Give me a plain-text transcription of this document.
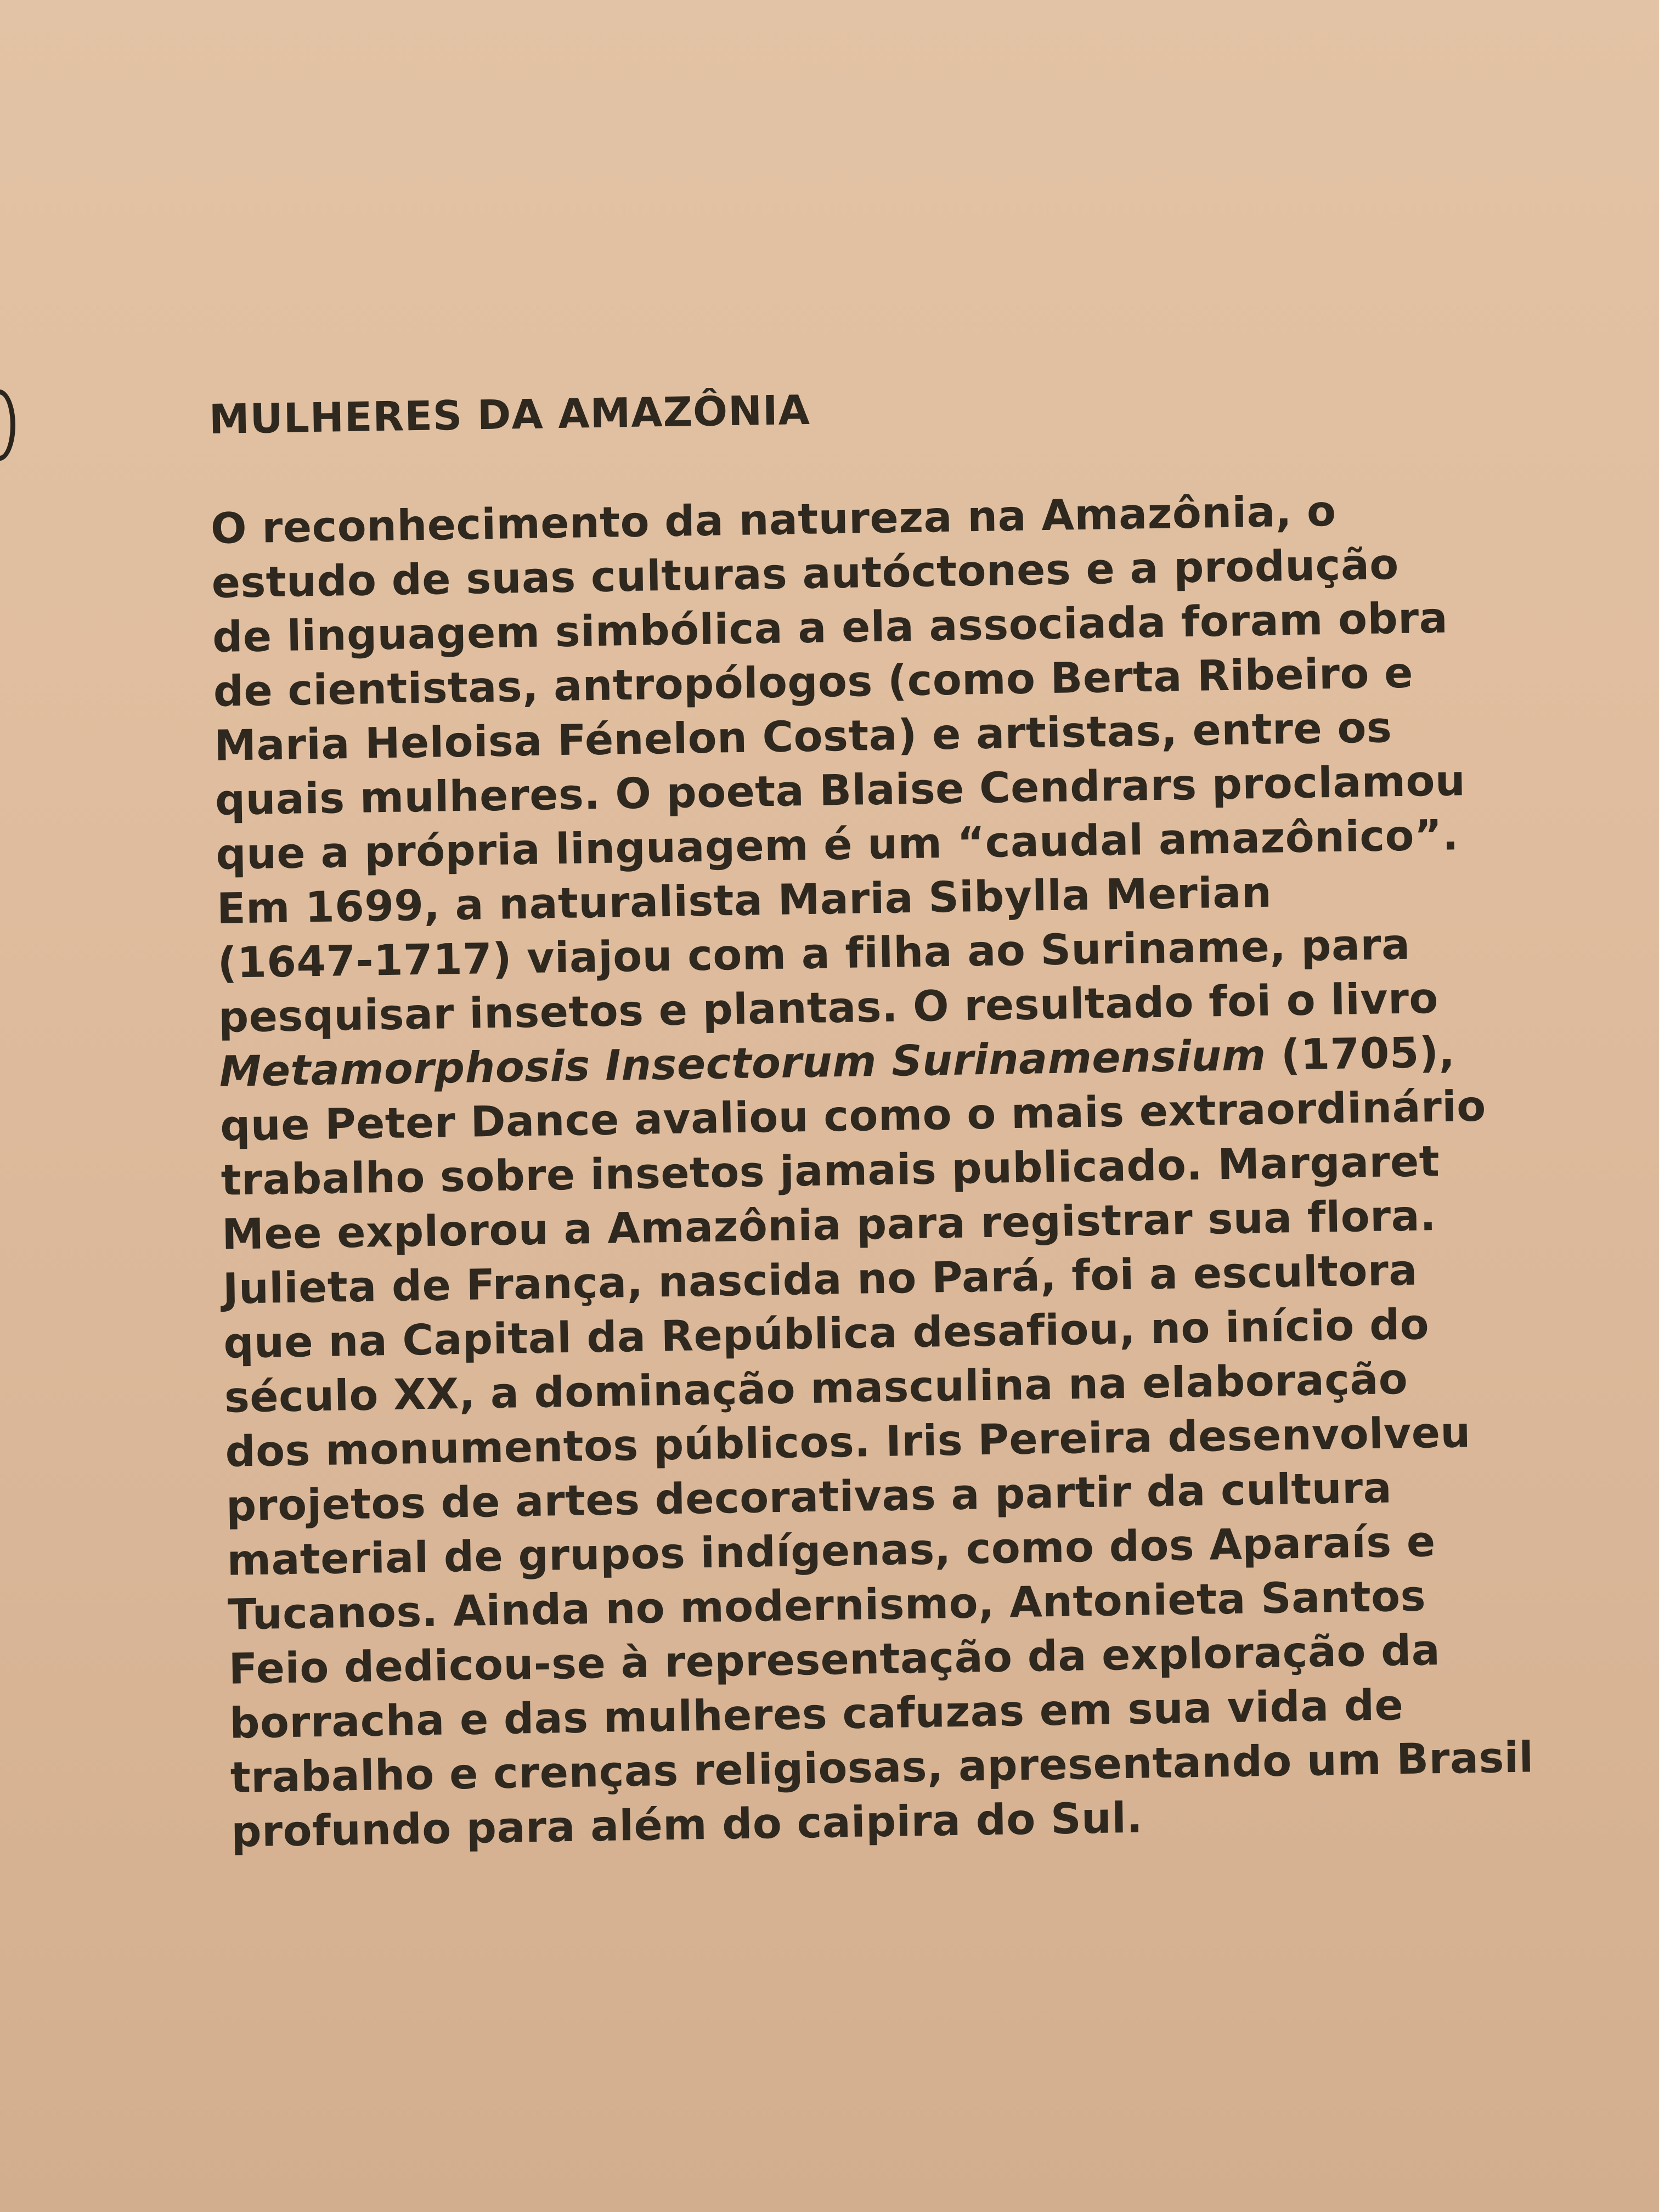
MULHERES DA AMAZÔNIA
O reconhecimento da natureza na Amazônia, o
estudo de suas culturas autóctones e a produção
de linguagem simbólica a ela associada foram obra
de cientistas, antropólogos (como Berta Ribeiro e
Maria Heloisa Fénelon Costa) e artistas, entre os
quais mulheres. O poeta Blaise Cendrars proclamou
que a própria linguagem é um “caudal amazônico”.
Em 1699, a naturalista Maria Sibylla Merian
(1647-1717) viajou com a filha ao Suriname, para
pesquisar insetos e plantas. O resultado foi o livro
Metamorphosis Insectorum Surinamensium (1705),
que Peter Dance avaliou como o mais extraordinário
trabalho sobre insetos jamais publicado. Margaret
Mee explorou a Amazônia para registrar sua flora.
Julieta de França, nascida no Pará, foi a escultora
que na Capital da República desafiou, no início do
século XX, a dominação masculina na elaboração
dos monumentos públicos. Iris Pereira desenvolveu
projetos de artes decorativas a partir da cultura
material de grupos indígenas, como dos Aparaís e
Tucanos. Ainda no modernismo, Antonieta Santos
Feio dedicou-se à representação da exploração da
borracha e das mulheres cafuzas em sua vida de
trabalho e crenças religiosas, apresentando um Brasil
profundo para além do caipira do Sul.
